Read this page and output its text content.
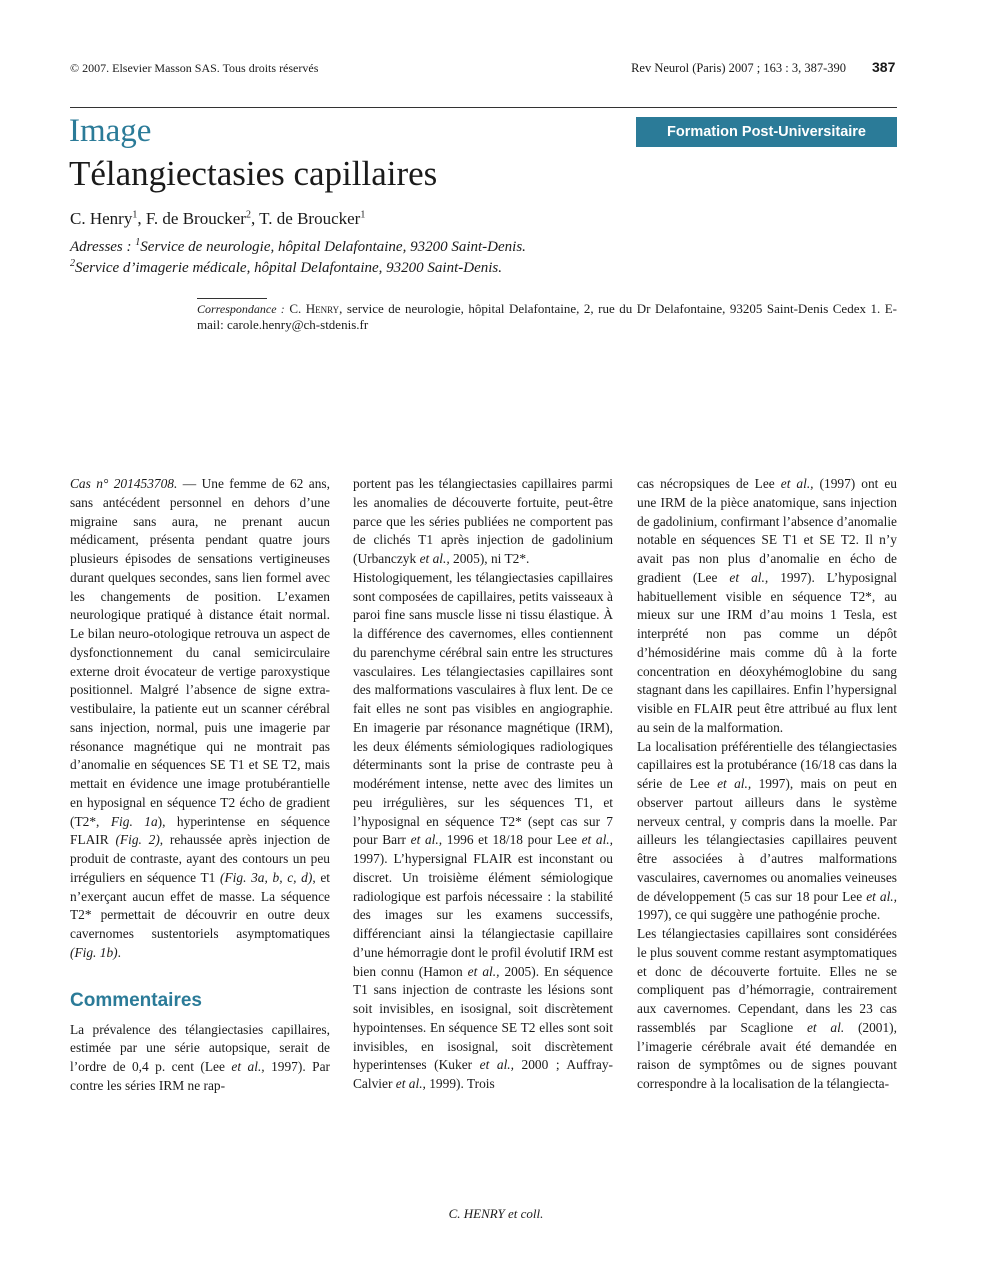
© 2007. Elsevier Masson SAS. Tous droits réservés	Rev Neurol (Paris) 2007 ; 163 : 3, 387-390 387
Image	Formation Post-Universitaire
Télangiectasies capillaires
C. Henry$^1$, F. de Broucker$^2$, T. de Broucker$^1$
Adresses : $^1$Service de neurologie, hôpital Delafontaine, 93200 Saint-Denis.
$^2$Service d’imagerie médicale, hôpital Delafontaine, 93200 Saint-Denis.
Correspondance : C. Henry, service de neurologie, hôpital Delafontaine, 2, rue du Dr Delafontaine, 93205 Saint-Denis Cedex 1. E-mail: carole.henry@ch-stdenis.fr

Cas n° 201453708. — Une femme de 62 ans, sans antécédent personnel en dehors d’une migraine sans aura, ne prenant aucun médicament, présenta pendant quatre jours plusieurs épisodes de sensations vertigineuses durant quelques secondes, sans lien formel avec les changements de position. L’examen neurologique pratiqué à distance était normal. Le bilan neuro-otologique retrouva un aspect de dysfonctionnement du canal semicirculaire externe droit évocateur de vertige paroxystique positionnel. Malgré l’absence de signe extra-vestibulaire, la patiente eut un scanner cérébral sans injection, normal, puis une imagerie par résonance magnétique qui ne montrait pas d’anomalie en séquences SE T1 et SE T2, mais mettait en évidence une image protubérantielle en hyposignal en séquence T2 écho de gradient (T2*, Fig. 1a), hyperintense en séquence FLAIR (Fig. 2), rehaussée après injection de produit de contraste, ayant des contours un peu irréguliers en séquence T1 (Fig. 3a, b, c, d), et n’exerçant aucun effet de masse. La séquence T2* permettait de découvrir en outre deux cavernomes sustentoriels asymptomatiques (Fig. 1b).

Commentaires

La prévalence des télangiectasies capillaires, estimée par une série autopsique, serait de l’ordre de 0,4 p. cent (Lee et al., 1997). Par contre les séries IRM ne rap-

portent pas les télangiectasies capillaires parmi les anomalies de découverte fortuite, peut-être parce que les séries publiées ne comportent pas de clichés T1 après injection de gadolinium (Urbanczyk et al., 2005), ni T2*.

Histologiquement, les télangiectasies capillaires sont composées de capillaires, petits vaisseaux à paroi fine sans muscle lisse ni tissu élastique. À la différence des cavernomes, elles contiennent du parenchyme cérébral sain entre les structures vasculaires. Les télangiectasies capillaires sont des malformations vasculaires à flux lent. De ce fait elles ne sont pas visibles en angiographie. En imagerie par résonance magnétique (IRM), les deux éléments sémiologiques radiologiques déterminants sont la prise de contraste peu à modérément intense, nette avec des limites un peu irrégulières, sur les séquences T1, et l’hyposignal en séquence T2* (sept cas sur 7 pour Barr et al., 1996 et 18/18 pour Lee et al., 1997). L’hypersignal FLAIR est inconstant ou discret. Un troisième élément sémiologique radiologique est parfois nécessaire : la stabilité des images sur les examens successifs, différenciant ainsi la télangiectasie capillaire d’une hémorragie dont le profil évolutif IRM est bien connu (Hamon et al., 2005). En séquence T1 sans injection de contraste les lésions sont soit invisibles, en isosignal, soit discrètement hypointenses. En séquence SE T2 elles sont soit invisibles, en isosignal, soit discrètement hyperintenses (Kuker et al., 2000 ; Auffray-Calvier et al., 1999). Trois

cas nécropsiques de Lee et al., (1997) ont eu une IRM de la pièce anatomique, sans injection de gadolinium, confirmant l’absence d’anomalie notable en séquences SE T1 et SE T2. Il n’y avait pas non plus d’anomalie en écho de gradient (Lee et al., 1997). L’hyposignal habituellement visible en séquence T2*, au mieux sur une IRM d’au moins 1 Tesla, est interprété non pas comme un dépôt d’hémosidérine mais comme dû à la forte concentration en déoxyhémoglobine du sang stagnant dans les capillaires. Enfin l’hypersignal visible en FLAIR peut être attribué au flux lent au sein de la malformation.

La localisation préférentielle des télangiectasies capillaires est la protubérance (16/18 cas dans la série de Lee et al., 1997), mais on peut en observer partout ailleurs dans le système nerveux central, y compris dans la moelle. Par ailleurs les télangiectasies capillaires peuvent être associées à d’autres malformations vasculaires, cavernomes ou anomalies veineuses de développement (5 cas sur 18 pour Lee et al., 1997), ce qui suggère une pathogénie proche.

Les télangiectasies capillaires sont considérées le plus souvent comme restant asymptomatiques et donc de découverte fortuite. Elles ne se compliquent pas d’hémorragie, contrairement aux cavernomes. Cependant, dans les 23 cas rassemblés par Scaglione et al. (2001), l’imagerie cérébrale avait été demandée en raison de symptômes ou de signes pouvant correspondre à la localisation de la télangiecta-

C. HENRY et coll.
